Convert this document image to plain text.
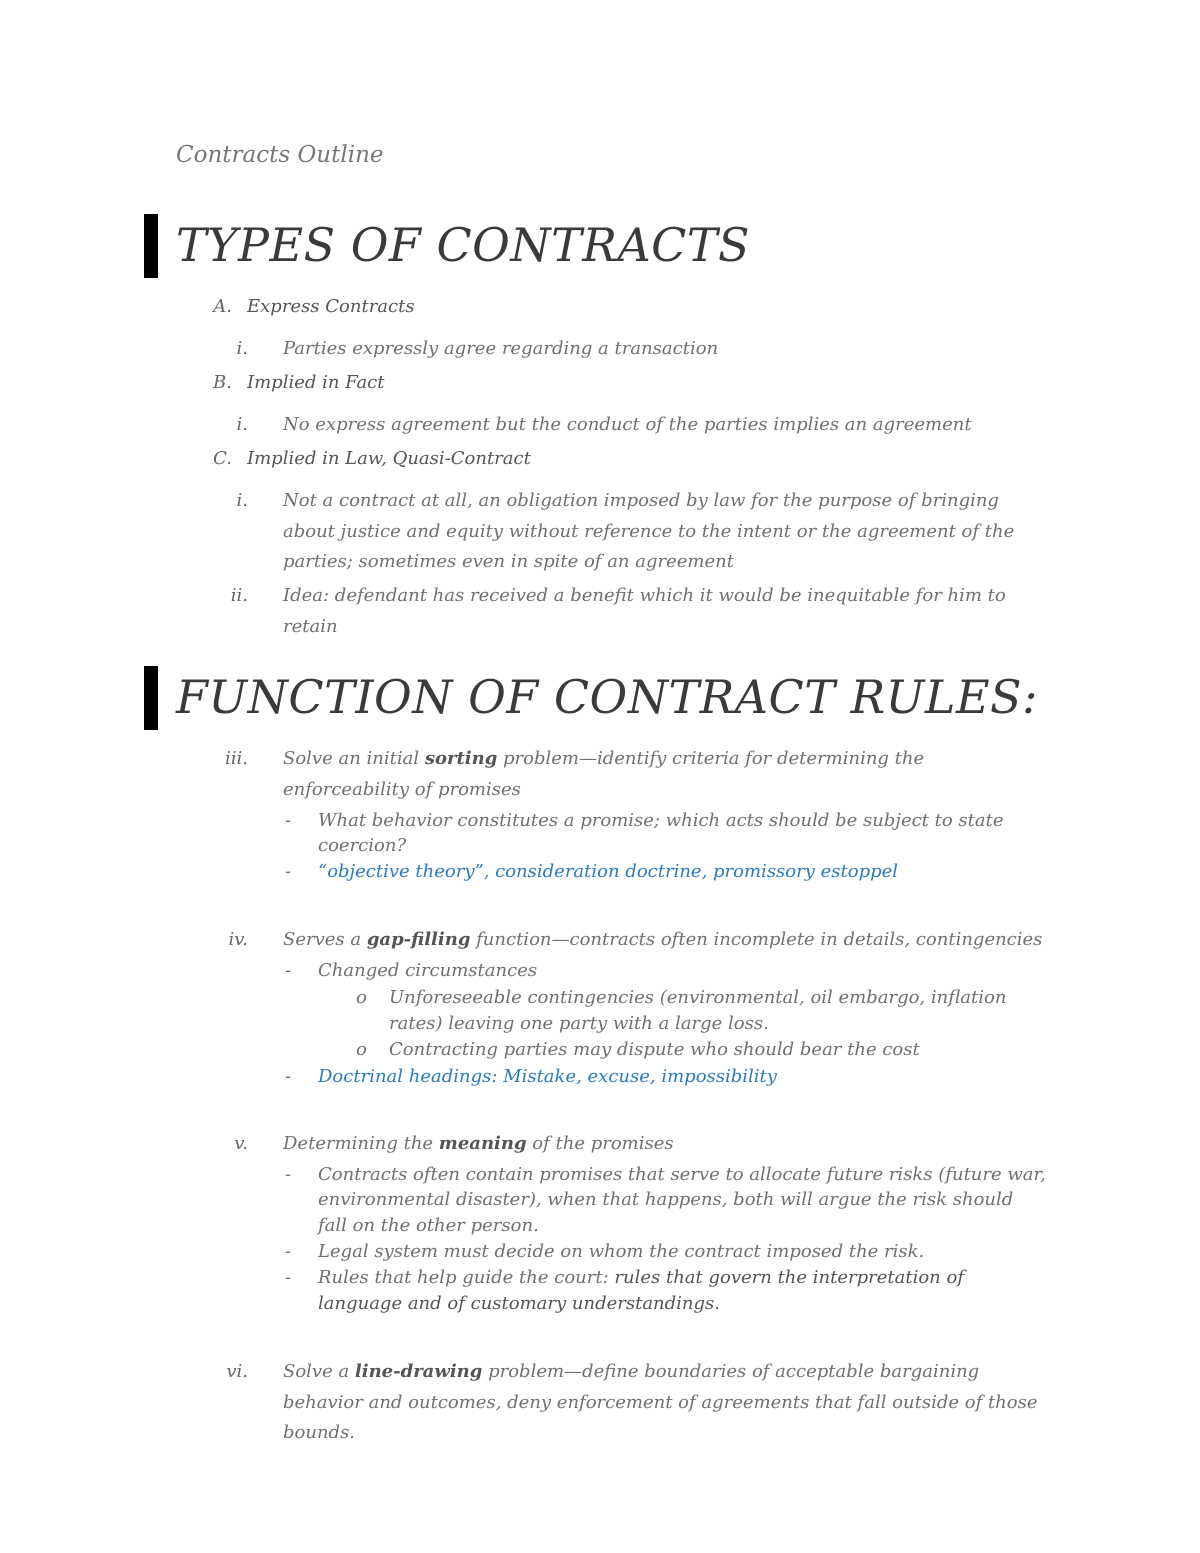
Contracts Outline
TYPES OF CONTRACTS
A. Express Contracts
i. Parties expressly agree regarding a transaction
B. Implied in Fact
i. No express agreement but the conduct of the parties implies an agreement
C. Implied in Law, Quasi-Contract
i. Not a contract at all, an obligation imposed by law for the purpose of bringing
about justice and equity without reference to the intent or the agreement of the
parties; sometimes even in spite of an agreement
ii. Idea: defendant has received a benefit which it would be inequitable for him to
retain
FUNCTION OF CONTRACT RULES:
iii. Solve an initial sorting problem—identify criteria for determining the
enforceability of promises
- What behavior constitutes a promise; which acts should be subject to state
coercion?
- “objective theory”, consideration doctrine, promissory estoppel
iv. Serves a gap-filling function—contracts often incomplete in details, contingencies
- Changed circumstances
o Unforeseeable contingencies (environmental, oil embargo, inflation
rates) leaving one party with a large loss.
o Contracting parties may dispute who should bear the cost
- Doctrinal headings: Mistake, excuse, impossibility
v. Determining the meaning of the promises
- Contracts often contain promises that serve to allocate future risks (future war,
environmental disaster), when that happens, both will argue the risk should
fall on the other person.
- Legal system must decide on whom the contract imposed the risk.
- Rules that help guide the court: rules that govern the interpretation of
language and of customary understandings.
vi. Solve a line-drawing problem—define boundaries of acceptable bargaining
behavior and outcomes, deny enforcement of agreements that fall outside of those
bounds.
